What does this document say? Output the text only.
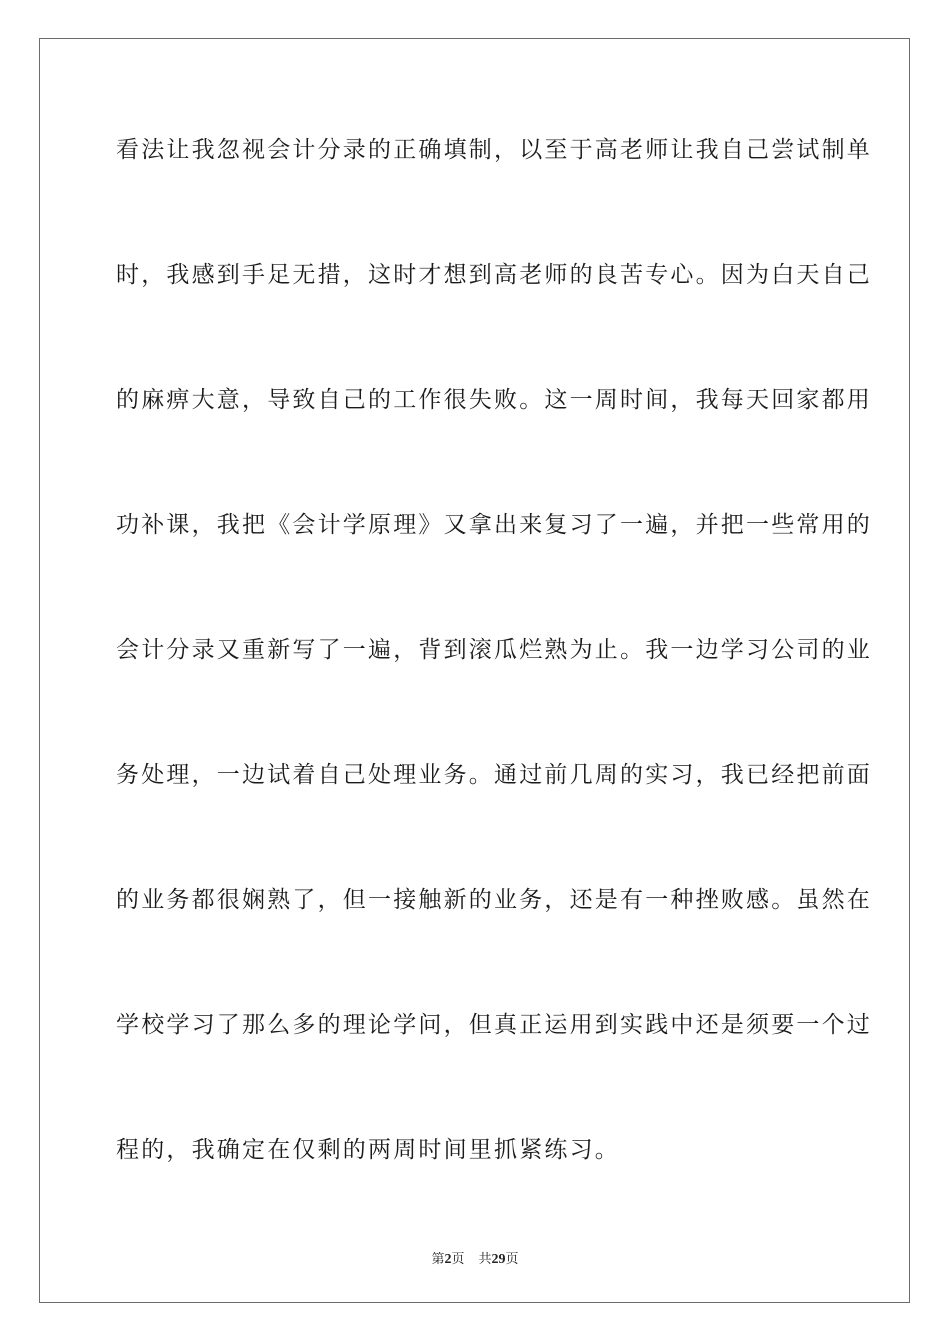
看法让我忽视会计分录的正确填制，以至于高老师让我自己尝试制单
时，我感到手足无措，这时才想到高老师的良苦专心。因为白天自己
的麻痹大意，导致自己的工作很失败。这一周时间，我每天回家都用
功补课，我把《会计学原理》又拿出来复习了一遍，并把一些常用的
会计分录又重新写了一遍，背到滚瓜烂熟为止。我一边学习公司的业
务处理，一边试着自己处理业务。通过前几周的实习，我已经把前面
的业务都很娴熟了，但一接触新的业务，还是有一种挫败感。虽然在
学校学习了那么多的理论学问，但真正运用到实践中还是须要一个过
程的，我确定在仅剩的两周时间里抓紧练习。
第2页 共29页
